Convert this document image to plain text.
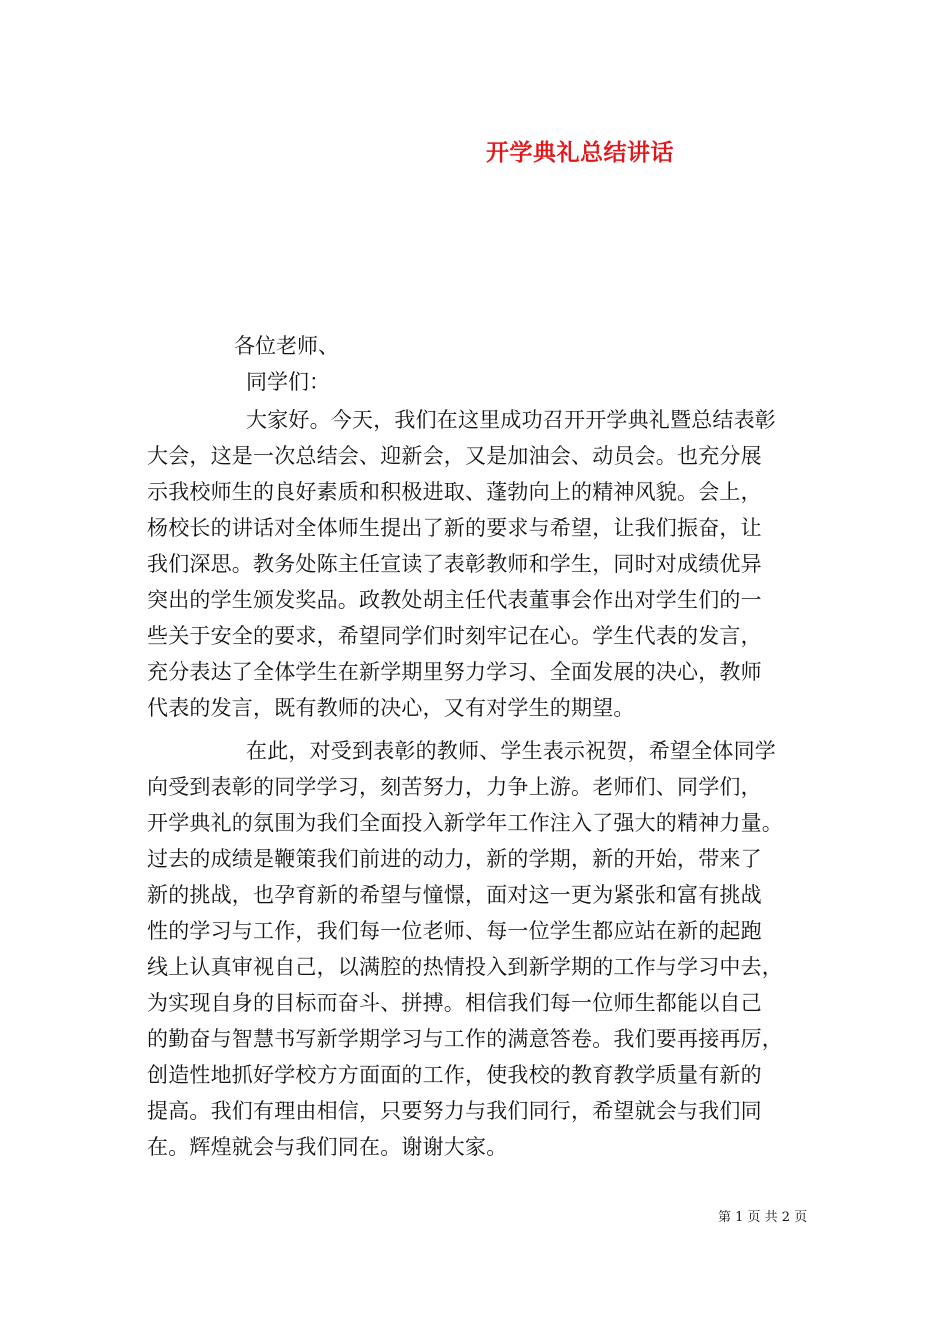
开学典礼总结讲话
各位老师、
同学们：
大家好。今天，我们在这里成功召开开学典礼暨总结表彰
大会，这是一次总结会、迎新会，又是加油会、动员会。也充分展
示我校师生的良好素质和积极进取、蓬勃向上的精神风貌。会上，
杨校长的讲话对全体师生提出了新的要求与希望，让我们振奋，让
我们深思。教务处陈主任宣读了表彰教师和学生，同时对成绩优异
突出的学生颁发奖品。政教处胡主任代表董事会作出对学生们的一
些关于安全的要求，希望同学们时刻牢记在心。学生代表的发言，
充分表达了全体学生在新学期里努力学习、全面发展的决心，教师
代表的发言，既有教师的决心，又有对学生的期望。
在此，对受到表彰的教师、学生表示祝贺，希望全体同学
向受到表彰的同学学习，刻苦努力，力争上游。老师们、同学们，
开学典礼的氛围为我们全面投入新学年工作注入了强大的精神力量。
过去的成绩是鞭策我们前进的动力，新的学期，新的开始，带来了
新的挑战，也孕育新的希望与憧憬，面对这一更为紧张和富有挑战
性的学习与工作，我们每一位老师、每一位学生都应站在新的起跑
线上认真审视自己，以满腔的热情投入到新学期的工作与学习中去，
为实现自身的目标而奋斗、拼搏。相信我们每一位师生都能以自己
的勤奋与智慧书写新学期学习与工作的满意答卷。我们要再接再厉，
创造性地抓好学校方方面面的工作，使我校的教育教学质量有新的
提高。我们有理由相信，只要努力与我们同行，希望就会与我们同
在。辉煌就会与我们同在。谢谢大家。
第 1 页 共 2 页
